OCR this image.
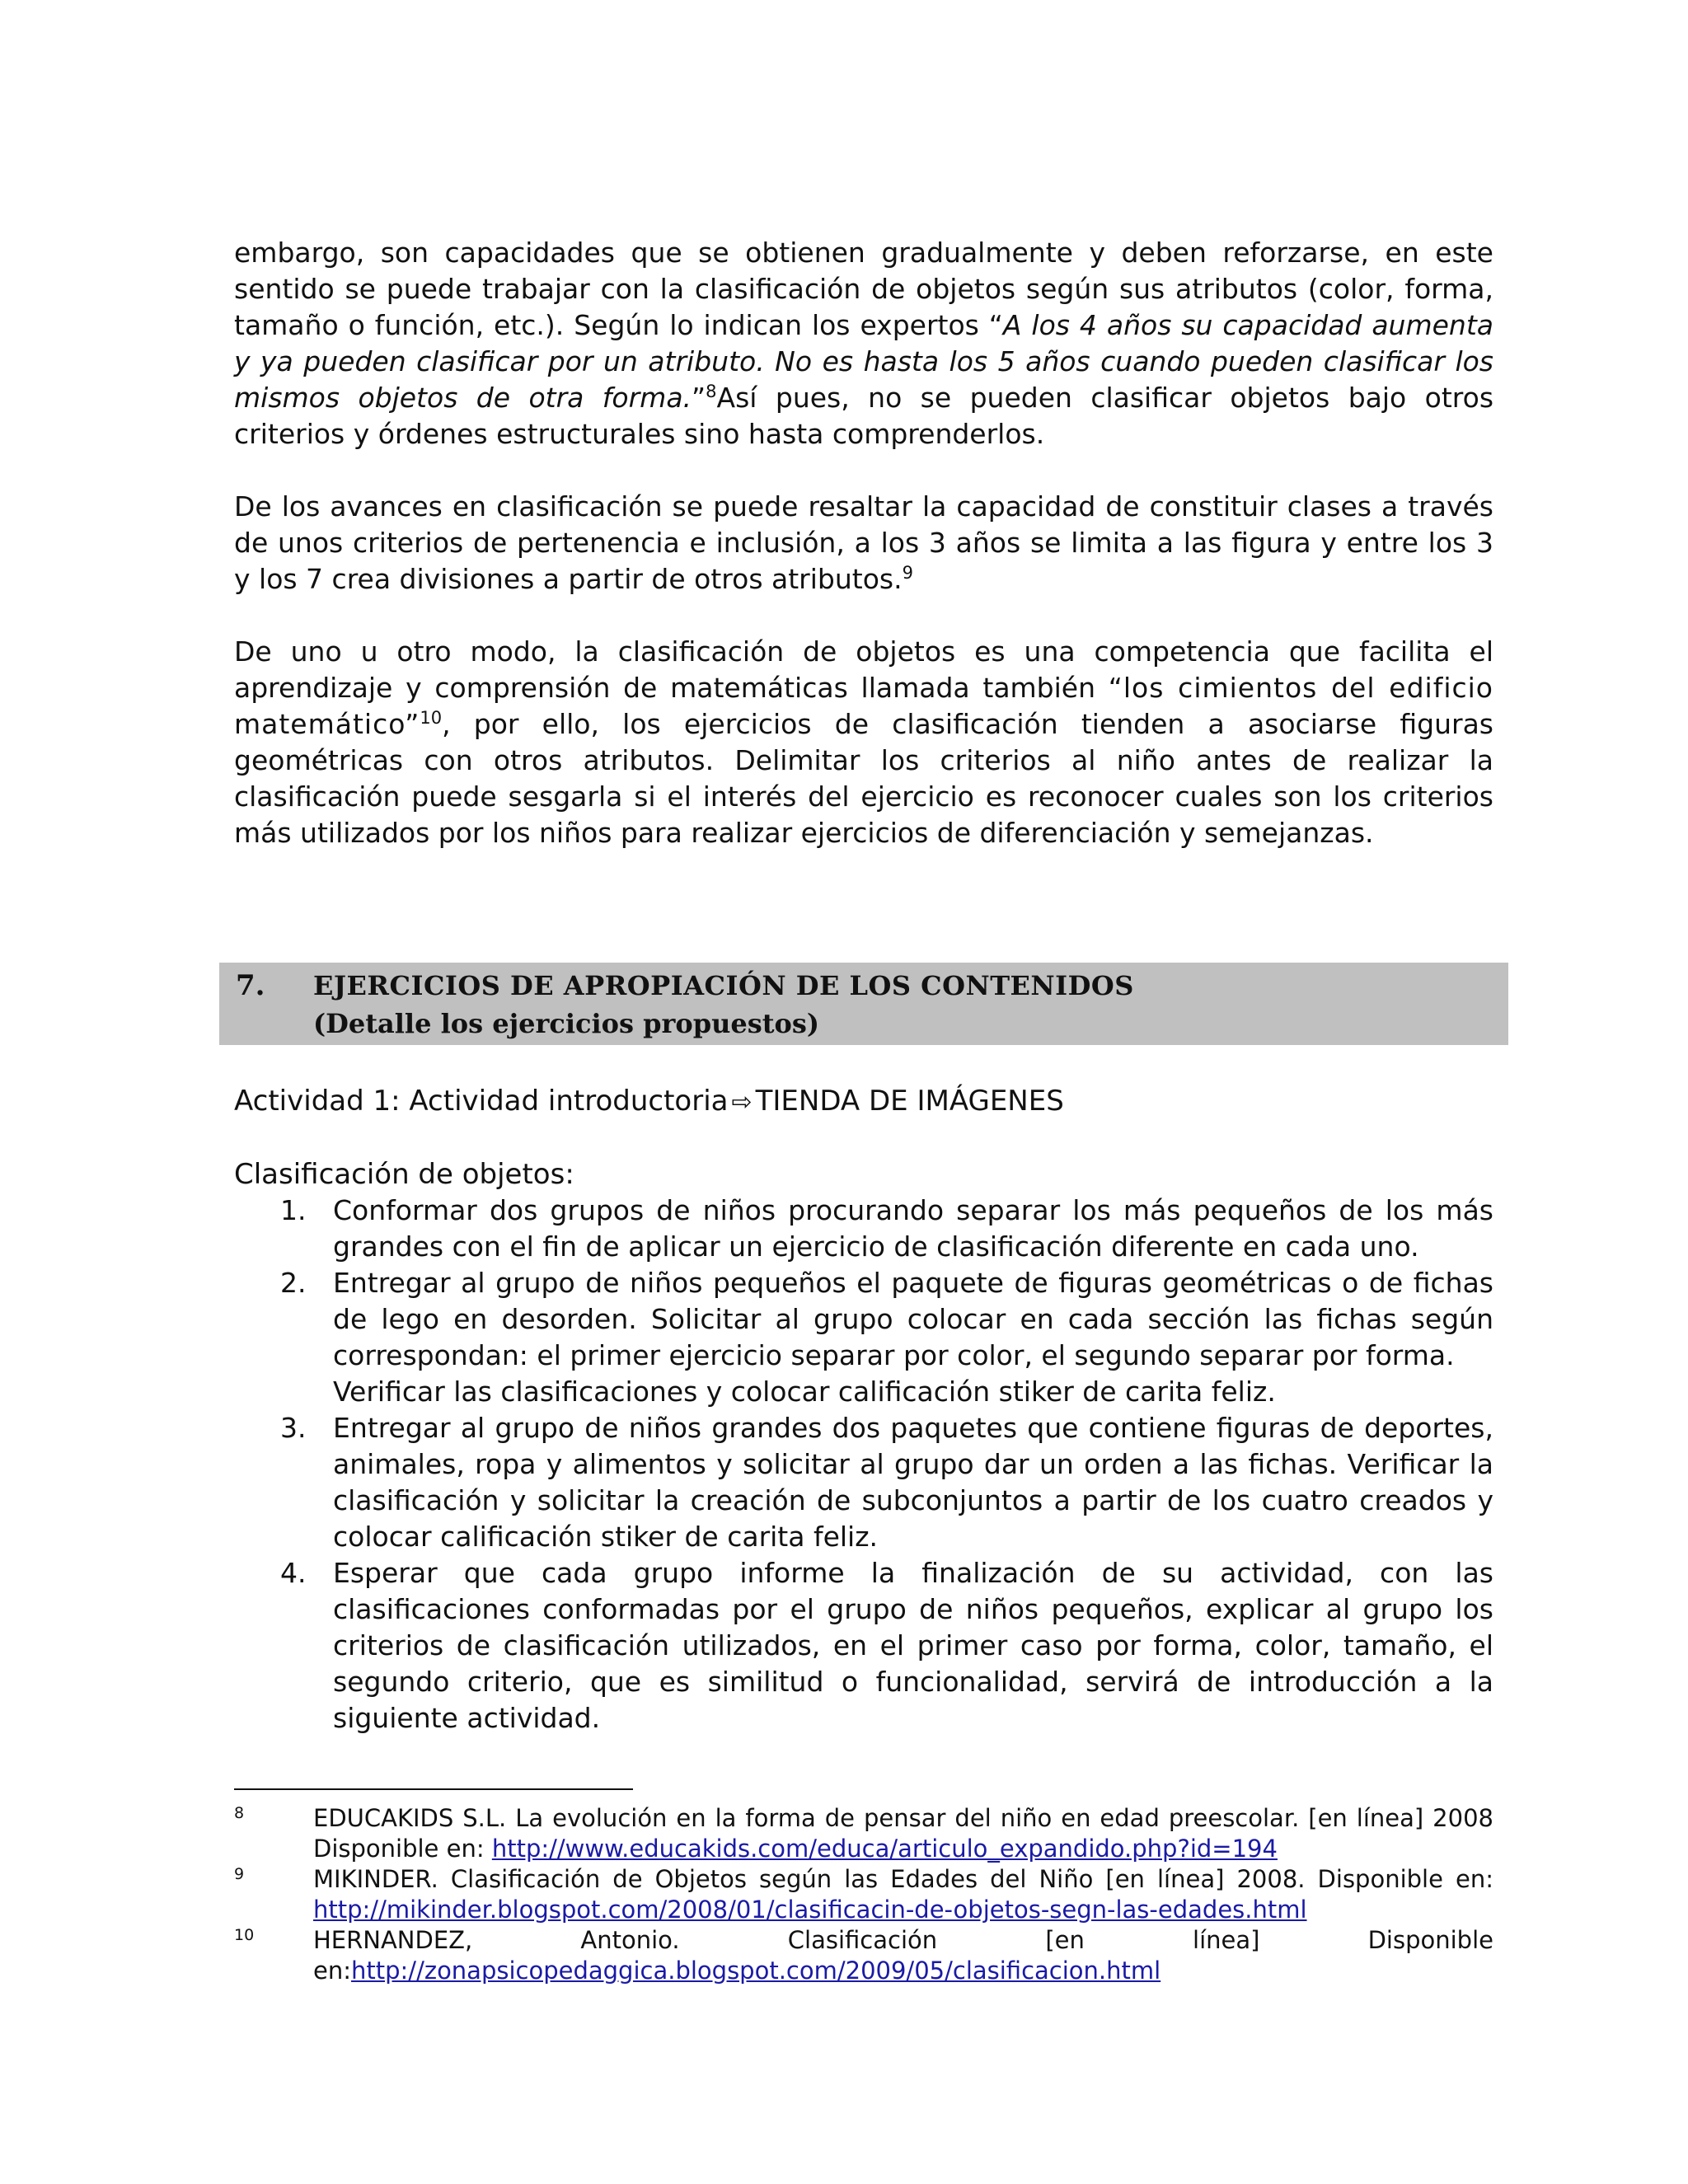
embargo, son capacidades que se obtienen gradualmente y deben reforzarse, en este sentido se puede trabajar con la clasificación de objetos según sus atributos (color, forma, tamaño o función, etc.). Según lo indican los expertos “A los 4 años su capacidad aumenta y ya pueden clasificar por un atributo. No es hasta los 5 años cuando pueden clasificar los mismos objetos de otra forma.”$^8$Así pues, no se pueden clasificar objetos bajo otros criterios y órdenes estructurales sino hasta comprenderlos.

De los avances en clasificación se puede resaltar la capacidad de constituir clases a través de unos criterios de pertenencia e inclusión, a los 3 años se limita a las figura y entre los 3 y los 7 crea divisiones a partir de otros atributos.$^9$

De uno u otro modo, la clasificación de objetos es una competencia que facilita el aprendizaje y comprensión de matemáticas llamada también “los cimientos del edificio matemático”$^{10}$, por ello, los ejercicios de clasificación tienden a asociarse figuras geométricas con otros atributos. Delimitar los criterios al niño antes de realizar la clasificación puede sesgarla si el interés del ejercicio es reconocer cuales son los criterios más utilizados por los niños para realizar ejercicios de diferenciación y semejanzas.

7. EJERCICIOS DE APROPIACIÓN DE LOS CONTENIDOS
(Detalle los ejercicios propuestos)
Actividad 1: Actividad introductoria ⇨ TIENDA DE IMÁGENES
Clasificación de objetos:
1. Conformar dos grupos de niños procurando separar los más pequeños de los más grandes con el fin de aplicar un ejercicio de clasificación diferente en cada uno.
2. Entregar al grupo de niños pequeños el paquete de figuras geométricas o de fichas de lego en desorden. Solicitar al grupo colocar en cada sección las fichas según correspondan: el primer ejercicio separar por color, el segundo separar por forma.
Verificar las clasificaciones y colocar calificación stiker de carita feliz.
3. Entregar al grupo de niños grandes dos paquetes que contiene figuras de deportes, animales, ropa y alimentos y solicitar al grupo dar un orden a las fichas. Verificar la clasificación y solicitar la creación de subconjuntos a partir de los cuatro creados y colocar calificación stiker de carita feliz.
4. Esperar que cada grupo informe la finalización de su actividad, con las clasificaciones conformadas por el grupo de niños pequeños, explicar al grupo los criterios de clasificación utilizados, en el primer caso por forma, color, tamaño, el segundo criterio, que es similitud o funcionalidad, servirá de introducción a la siguiente actividad.
8	EDUCAKIDS S.L. La evolución en la forma de pensar del niño en edad preescolar. [en línea] 2008 Disponible en: http://www.educakids.com/educa/articulo_expandido.php?id=194
9	MIKINDER. Clasificación de Objetos según las Edades del Niño [en línea] 2008. Disponible en: http://mikinder.blogspot.com/2008/01/clasificacin-de-objetos-segn-las-edades.html
10 HERNANDEZ,	Antonio.	Clasificación	[en	línea]	Disponible
en:http://zonapsicopedaggica.blogspot.com/2009/05/clasificacion.html
